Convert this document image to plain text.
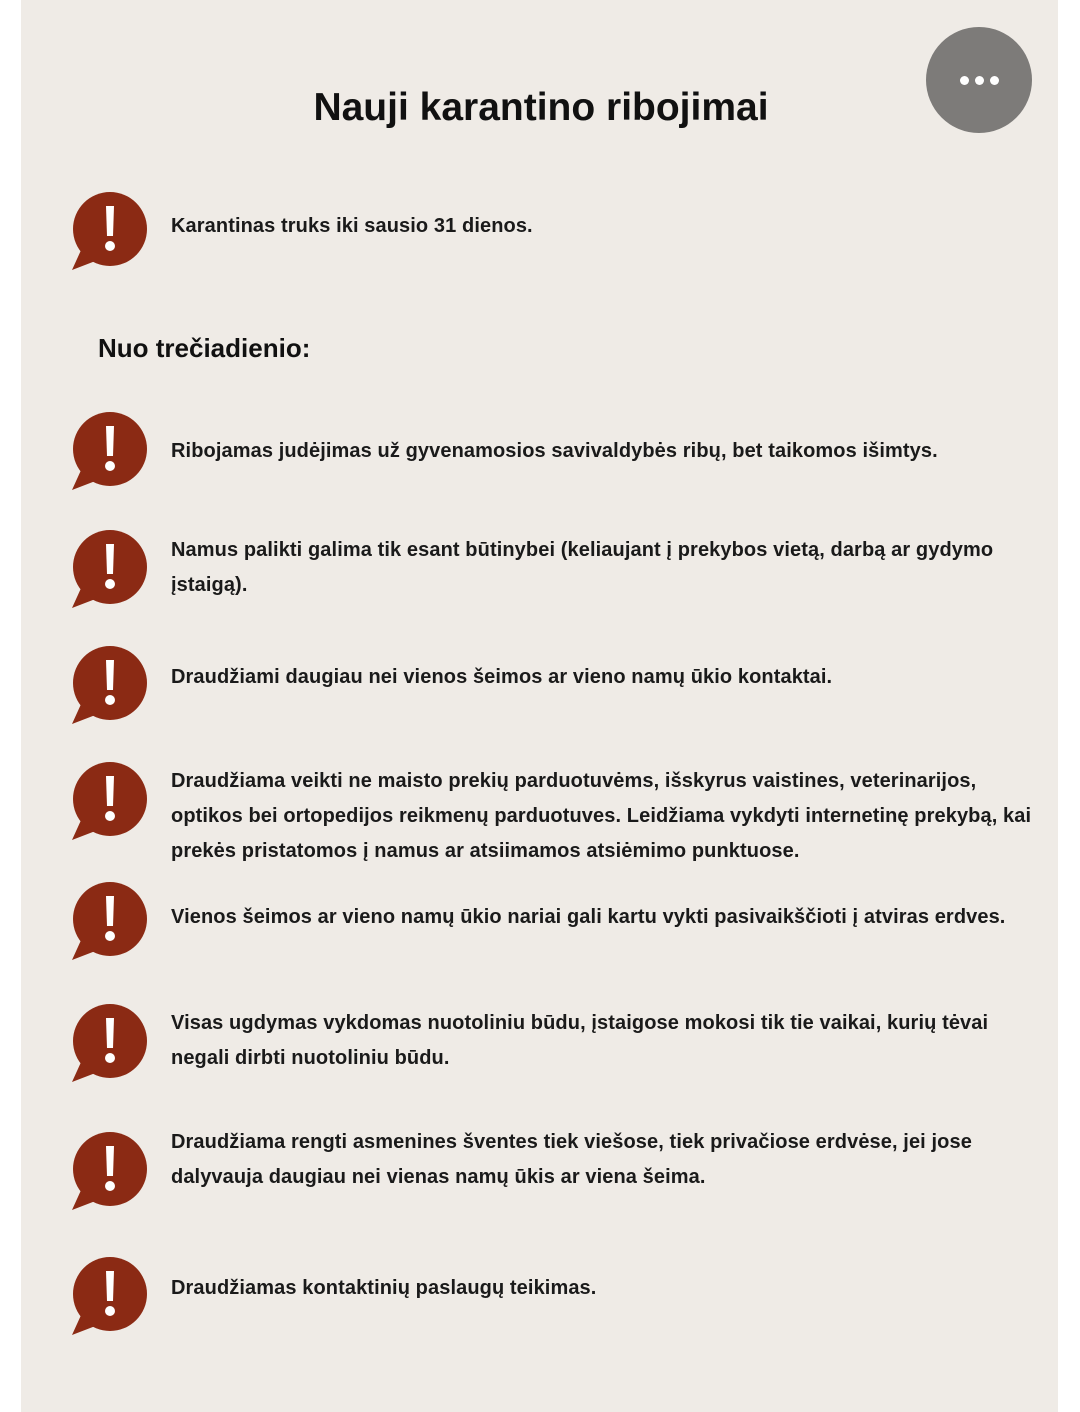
Nauji karantino ribojimai

Karantinas truks iki sausio 31 dienos.

Nuo trečiadienio:

Ribojamas judėjimas už gyvenamosios savivaldybės ribų, bet taikomos išimtys.

Namus palikti galima tik esant būtinybei (keliaujant į prekybos vietą, darbą ar gydymo įstaigą).

Draudžiami daugiau nei vienos šeimos ar vieno namų ūkio kontaktai.

Draudžiama veikti ne maisto prekių parduotuvėms, išskyrus vaistines, veterinarijos, optikos bei ortopedijos reikmenų parduotuves. Leidžiama vykdyti internetinę prekybą, kai prekės pristatomos į namus ar atsiimamos atsiėmimo punktuose.

Vienos šeimos ar vieno namų ūkio nariai gali kartu vykti pasivaikščioti į atviras erdves.

Visas ugdymas vykdomas nuotoliniu būdu, įstaigose mokosi tik tie vaikai, kurių tėvai negali dirbti nuotoliniu būdu.

Draudžiama rengti asmenines šventes tiek viešose, tiek privačiose erdvėse, jei jose dalyvauja daugiau nei vienas namų ūkis ar viena šeima.

Draudžiamas kontaktinių paslaugų teikimas.
